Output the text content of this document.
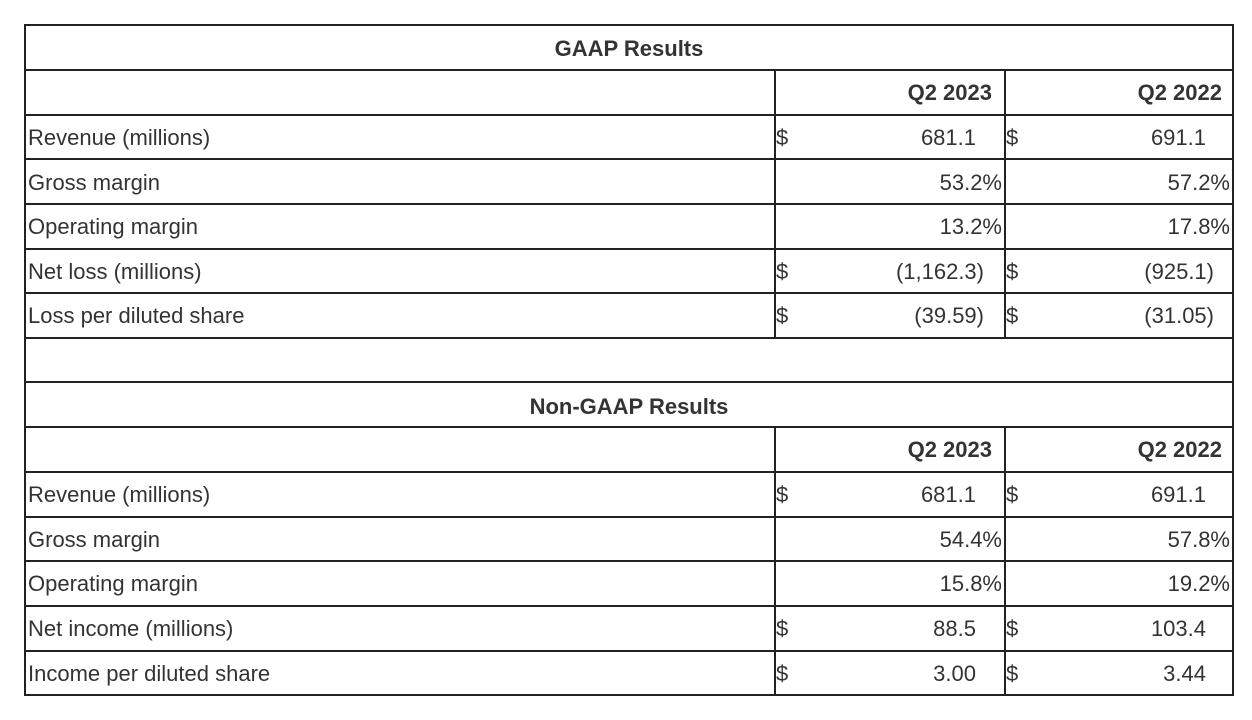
GAAP Results
Q2 2023	Q2 2022
Revenue (millions)	$	681.1 $	691.1
Gross margin	53.2%	57.2%
Operating margin	13.2%	17.8%
Net loss (millions)	$	(1,162.3) $	(925.1)
Loss per diluted share	$	(39.59) $	(31.05)
Non-GAAP Results
Q2 2023	Q2 2022
Revenue (millions)	$	681.1 $	691.1
Gross margin	54.4%	57.8%
Operating margin	15.8%	19.2%
Net income (millions)	$	88.5 $	103.4
Income per diluted share	$	3.00 $	3.44
